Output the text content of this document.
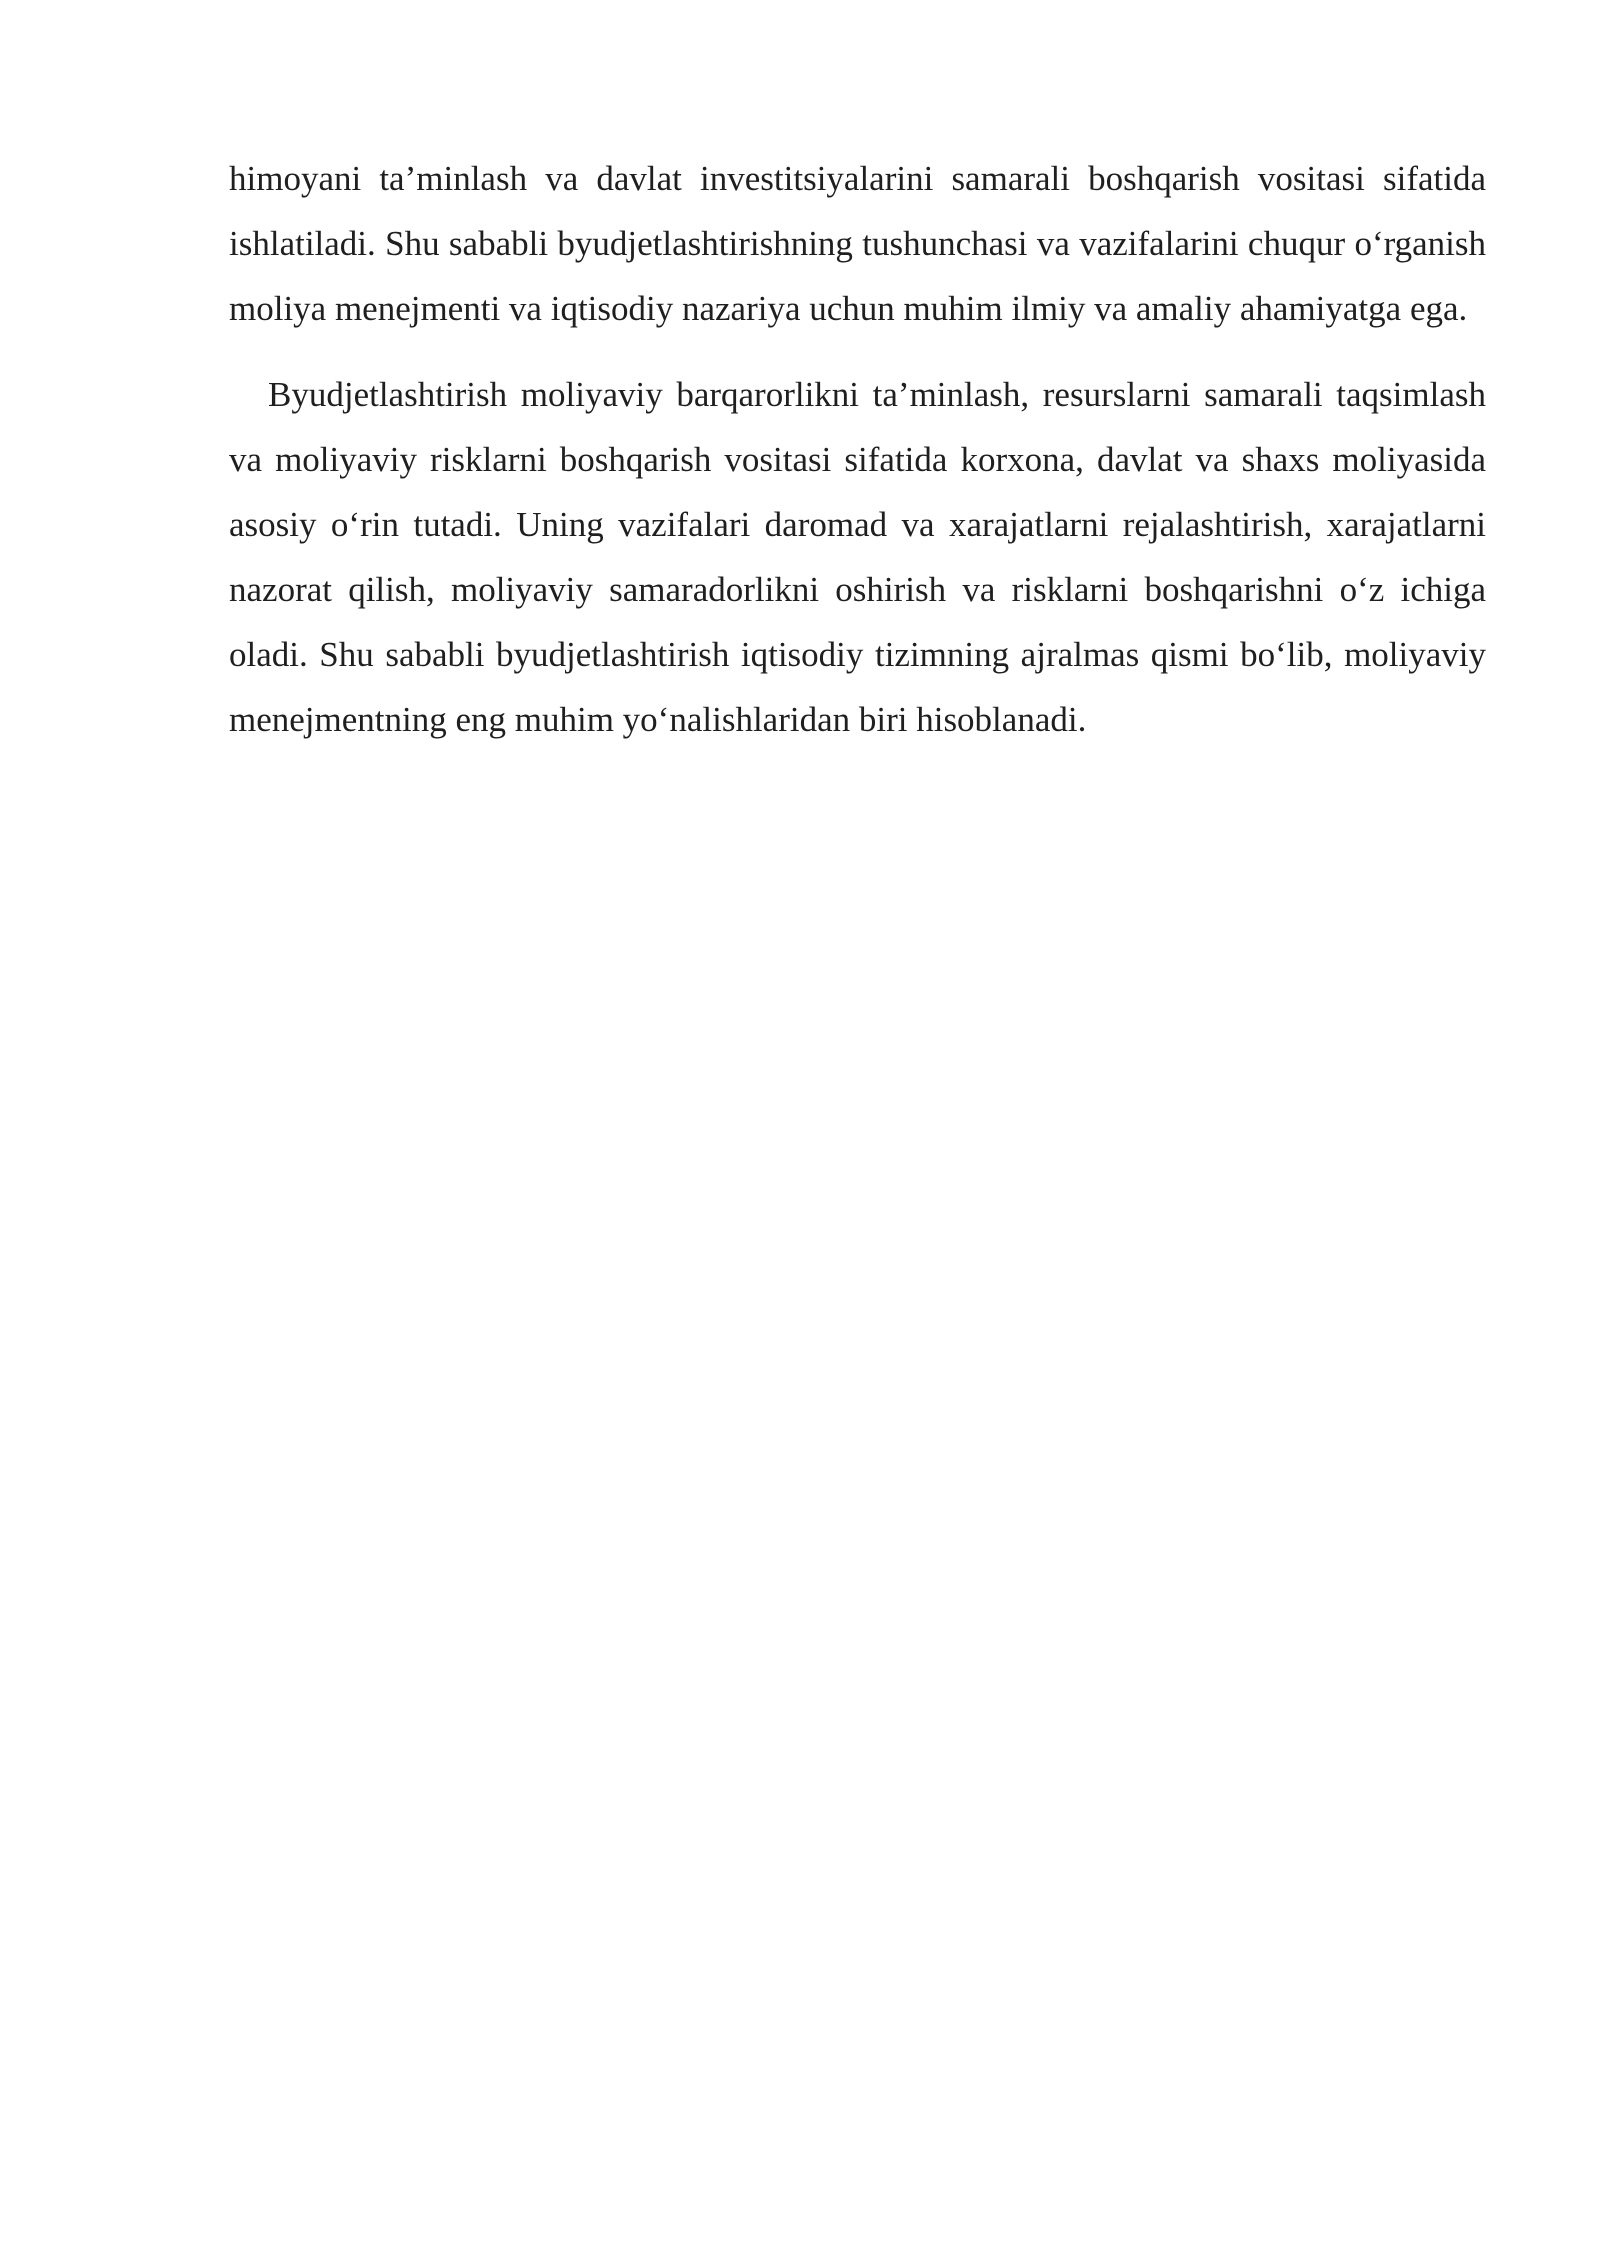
himoyani ta’minlash va davlat investitsiyalarini samarali boshqarish vositasi sifatida ishlatiladi. Shu sababli byudjetlashtirishning tushunchasi va vazifalarini chuqur o‘rganish moliya menejmenti va iqtisodiy nazariya uchun muhim ilmiy va amaliy ahamiyatga ega.

Byudjetlashtirish moliyaviy barqarorlikni ta’minlash, resurslarni samarali taqsimlash va moliyaviy risklarni boshqarish vositasi sifatida korxona, davlat va shaxs moliyasida asosiy o‘rin tutadi. Uning vazifalari daromad va xarajatlarni rejalashtirish, xarajatlarni nazorat qilish, moliyaviy samaradorlikni oshirish va risklarni boshqarishni o‘z ichiga oladi. Shu sababli byudjetlashtirish iqtisodiy tizimning ajralmas qismi bo‘lib, moliyaviy menejmentning eng muhim yo‘nalishlaridan biri hisoblanadi.
